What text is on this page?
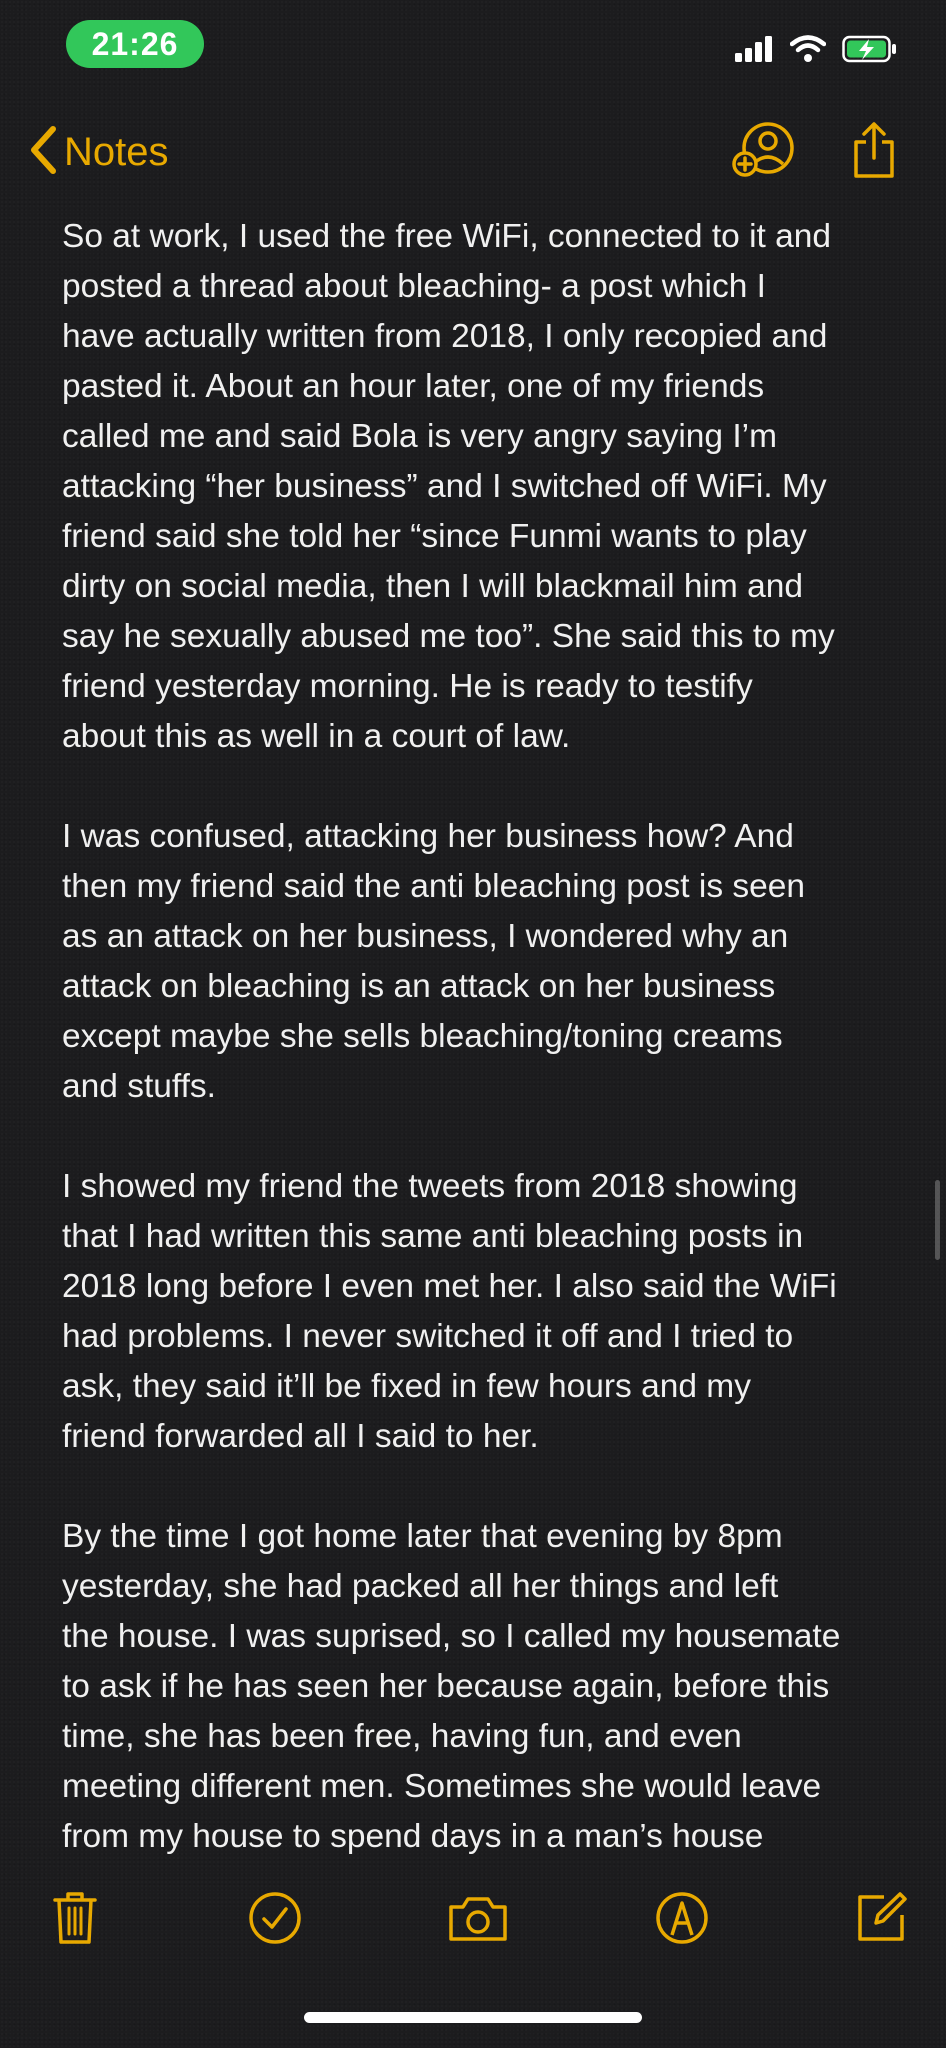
21:26
Notes

So at work, I used the free WiFi, connected to it and
posted a thread about bleaching- a post which I
have actually written from 2018, I only recopied and
pasted it. About an hour later, one of my friends
called me and said Bola is very angry saying I’m
attacking “her business” and I switched off WiFi. My
friend said she told her “since Funmi wants to play
dirty on social media, then I will blackmail him and
say he sexually abused me too”. She said this to my
friend yesterday morning. He is ready to testify
about this as well in a court of law.

I was confused, attacking her business how? And
then my friend said the anti bleaching post is seen
as an attack on her business, I wondered why an
attack on bleaching is an attack on her business
except maybe she sells bleaching/toning creams
and stuffs.

I showed my friend the tweets from 2018 showing
that I had written this same anti bleaching posts in
2018 long before I even met her. I also said the WiFi
had problems. I never switched it off and I tried to
ask, they said it’ll be fixed in few hours and my
friend forwarded all I said to her.

By the time I got home later that evening by 8pm
yesterday, she had packed all her things and left
the house. I was suprised, so I called my housemate
to ask if he has seen her because again, before this
time, she has been free, having fun, and even
meeting different men. Sometimes she would leave
from my house to spend days in a man’s house
